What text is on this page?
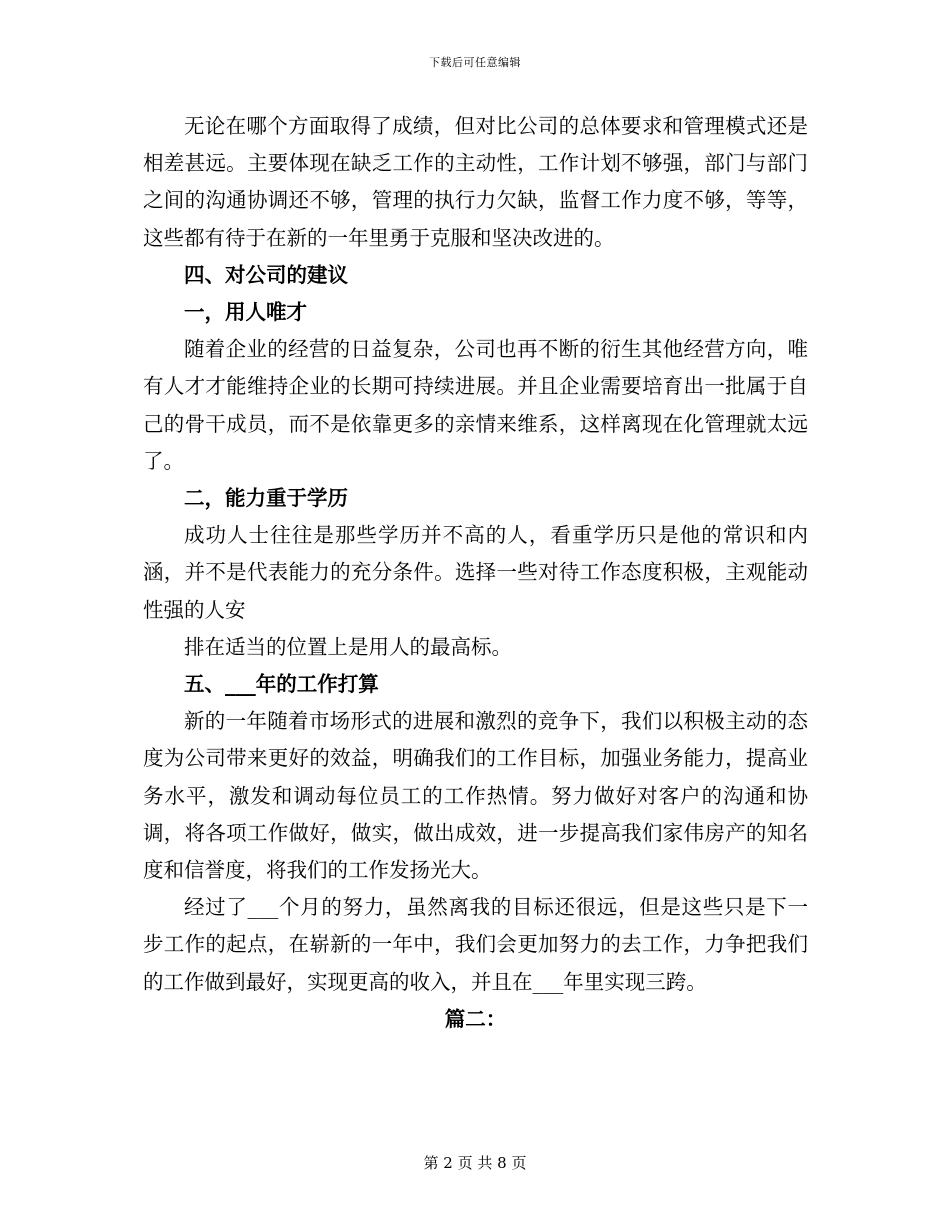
下载后可任意编辑

无论在哪个方面取得了成绩，但对比公司的总体要求和管理模式还是相差甚远。主要体现在缺乏工作的主动性，工作计划不够强，部门与部门之间的沟通协调还不够，管理的执行力欠缺，监督工作力度不够，等等，这些都有待于在新的一年里勇于克服和坚决改进的。

四、对公司的建议

一，用人唯才

随着企业的经营的日益复杂，公司也再不断的衍生其他经营方向，唯有人才才能维持企业的长期可持续进展。并且企业需要培育出一批属于自己的骨干成员，而不是依靠更多的亲情来维系，这样离现在化管理就太远了。

二，能力重于学历

成功人士往往是那些学历并不高的人，看重学历只是他的常识和内涵，并不是代表能力的充分条件。选择一些对待工作态度积极，主观能动性强的人安

排在适当的位置上是用人的最高标。

五、___年的工作打算

新的一年随着市场形式的进展和激烈的竞争下，我们以积极主动的态度为公司带来更好的效益，明确我们的工作目标，加强业务能力，提高业务水平，激发和调动每位员工的工作热情。努力做好对客户的沟通和协调，将各项工作做好，做实，做出成效，进一步提高我们家伟房产的知名度和信誉度，将我们的工作发扬光大。

经过了___个月的努力，虽然离我的目标还很远，但是这些只是下一步工作的起点，在崭新的一年中，我们会更加努力的去工作，力争把我们的工作做到最好，实现更高的收入，并且在___年里实现三跨。

篇二：

第 2 页 共 8 页
